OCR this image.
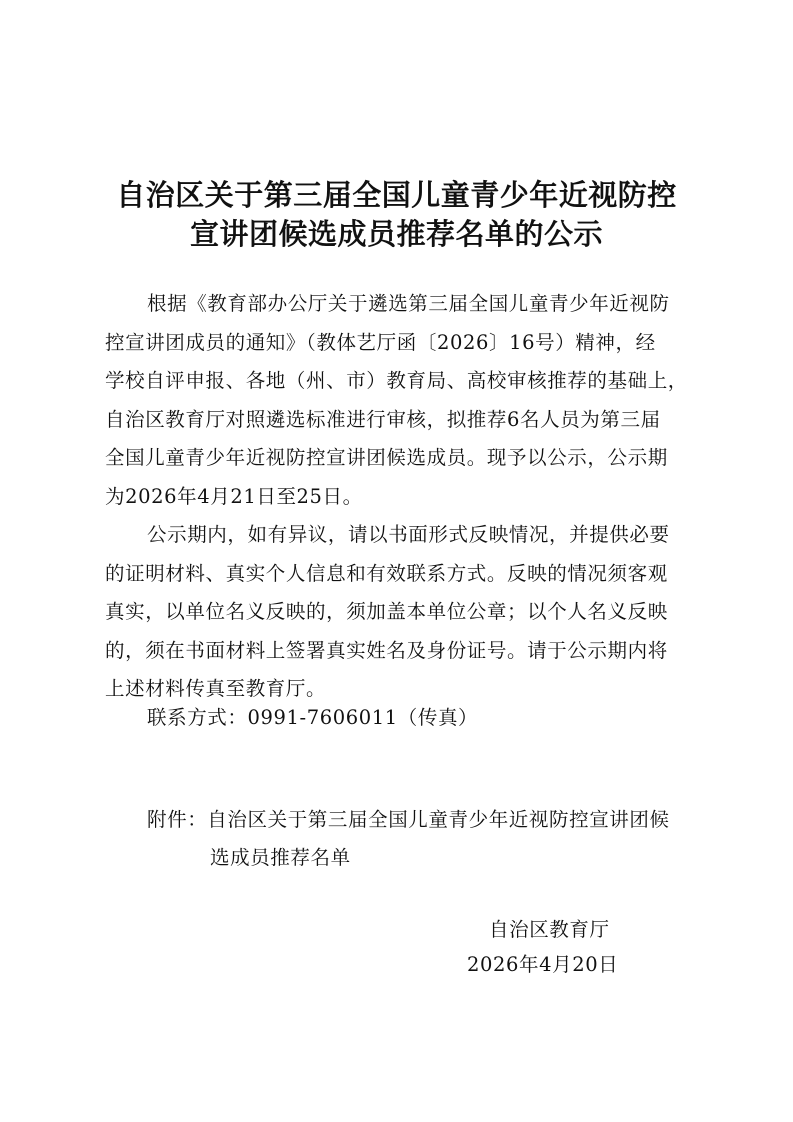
自治区关于第三届全国儿童青少年近视防控
宣讲团候选成员推荐名单的公示
根据《教育部办公厅关于遴选第三届全国儿童青少年近视防
控宣讲团成员的通知》（教体艺厅函〔2026〕16号）精神，经
学校自评申报、各地（州、市）教育局、高校审核推荐的基础上，
自治区教育厅对照遴选标准进行审核，拟推荐6名人员为第三届
全国儿童青少年近视防控宣讲团候选成员。现予以公示，公示期
为2026年4月21日至25日。
公示期内，如有异议，请以书面形式反映情况，并提供必要
的证明材料、真实个人信息和有效联系方式。反映的情况须客观
真实，以单位名义反映的，须加盖本单位公章；以个人名义反映
的，须在书面材料上签署真实姓名及身份证号。请于公示期内将
上述材料传真至教育厅。
联系方式：0991-7606011（传真）
附件：自治区关于第三届全国儿童青少年近视防控宣讲团候
选成员推荐名单
自治区教育厅
2026年4月20日
